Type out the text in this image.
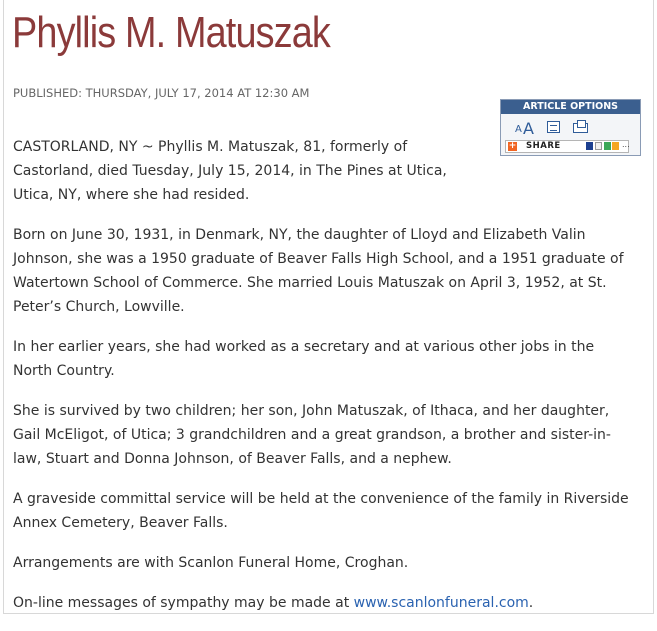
Phyllis M. Matuszak
PUBLISHED: THURSDAY, JULY 17, 2014 AT 12:30 AM
ARTICLE OPTIONS
A A
+ SHARE	...

CASTORLAND, NY ~ Phyllis M. Matuszak, 81, formerly of Castorland, died Tuesday, July 15, 2014, in The Pines at Utica, Utica, NY, where she had resided.

Born on June 30, 1931, in Denmark, NY, the daughter of Lloyd and Elizabeth Valin Johnson, she was a 1950 graduate of Beaver Falls High School, and a 1951 graduate of Watertown School of Commerce. She married Louis Matuszak on April 3, 1952, at St. Peter’s Church, Lowville.

In her earlier years, she had worked as a secretary and at various other jobs in the North Country.

She is survived by two children; her son, John Matuszak, of Ithaca, and her daughter, Gail McEligot, of Utica; 3 grandchildren and a great grandson, a brother and sister-in-law, Stuart and Donna Johnson, of Beaver Falls, and a nephew.

A graveside committal service will be held at the convenience of the family in Riverside Annex Cemetery, Beaver Falls.

Arrangements are with Scanlon Funeral Home, Croghan.

On-line messages of sympathy may be made at www.scanlonfuneral.com.
